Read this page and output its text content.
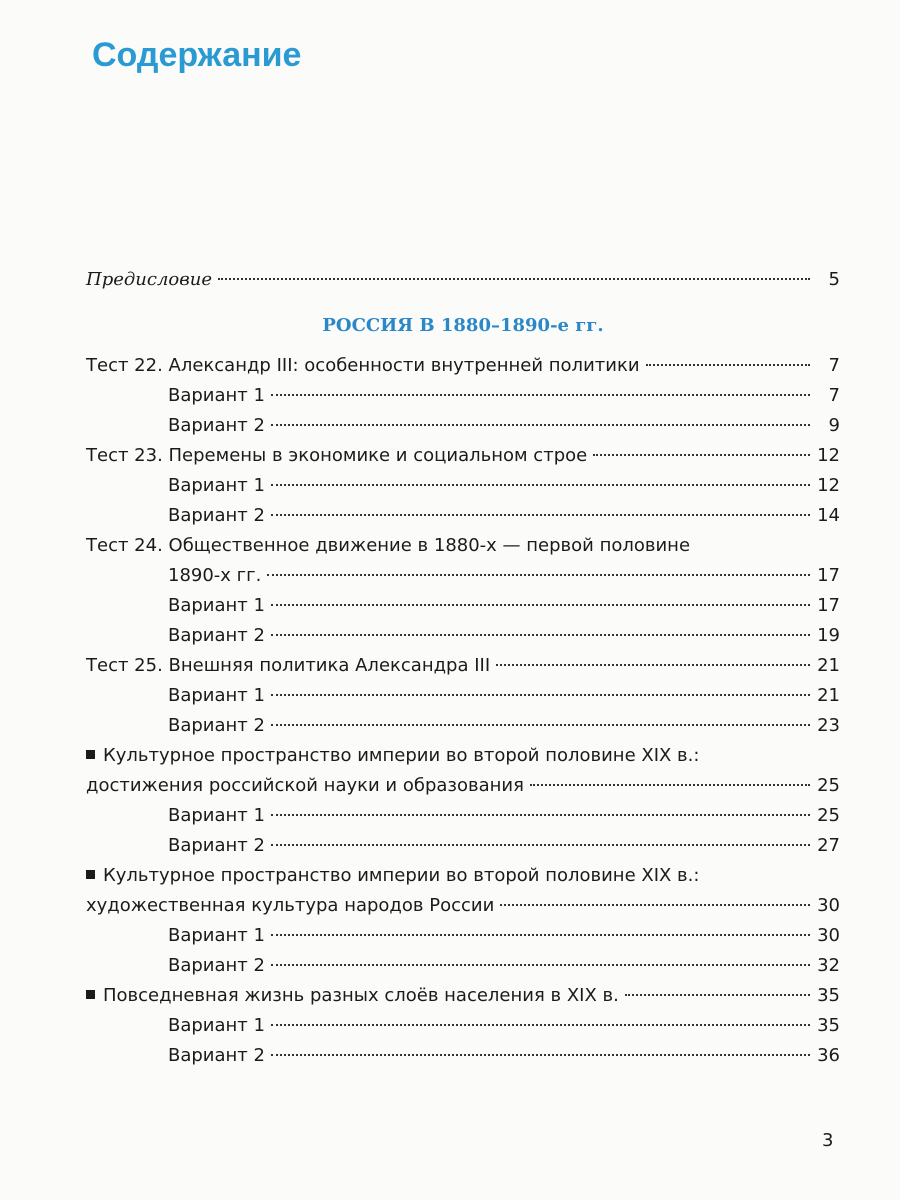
Содержание
Предисловие	5
РОССИЯ В 1880–1890-е гг.
Тест 22. Александр III: особенности внутренней политики	7
Вариант 1	7
Вариант 2	9
Тест 23. Перемены в экономике и социальном строе	12
Вариант 1	12
Вариант 2	14
Тест 24. Общественное движение в 1880-х — первой половине
1890-х гг.	17
Вариант 1	17
Вариант 2	19
Тест 25. Внешняя политика Александра III	21
Вариант 1	21
Вариант 2	23
Культурное пространство империи во второй половине XIX в.:
достижения российской науки и образования	25
Вариант 1	25
Вариант 2	27
Культурное пространство империи во второй половине XIX в.:
художественная культура народов России	30
Вариант 1	30
Вариант 2	32
Повседневная жизнь разных слоёв населения в XIX в.	35
Вариант 1	35
Вариант 2	36
3
